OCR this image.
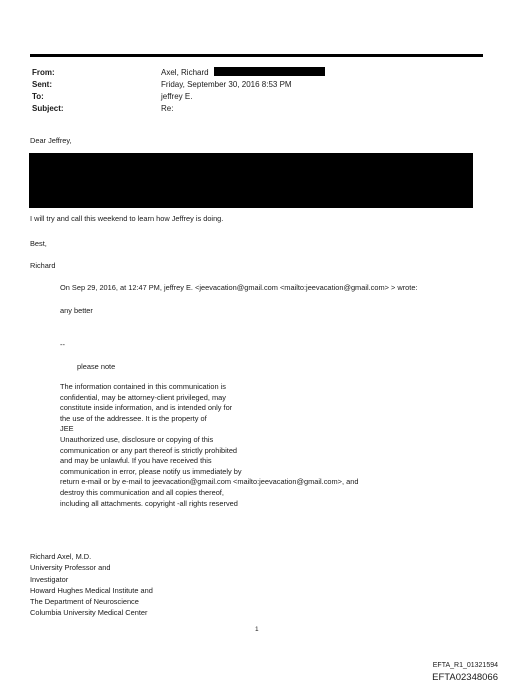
From:	Axel, Richard
Sent:	Friday, September 30, 2016 8:53 PM
To:	jeffrey E.
Subject:	Re:
Dear Jeffrey,
I will try and call this weekend to learn how Jeffrey is doing.
Best,
Richard
On Sep 29, 2016, at 12:47 PM, jeffrey E. <jeevacation@gmail.com <mailto:jeevacation@gmail.com> > wrote:
any better
--
please note
The information contained in this communication is
confidential, may be attorney-client privileged, may
constitute inside information, and is intended only for
the use of the addressee. It is the property of
JEE
Unauthorized use, disclosure or copying of this
communication or any part thereof is strictly prohibited
and may be unlawful. If you have received this
communication in error, please notify us immediately by
return e-mail or by e-mail to jeevacation@gmail.com <mailto:jeevacation@gmail.com>, and
destroy this communication and all copies thereof,
including all attachments. copyright -all rights reserved
Richard Axel, M.D.
University Professor and
Investigator
Howard Hughes Medical Institute and
The Department of Neuroscience
Columbia University Medical Center
1
EFTA_R1_01321594
EFTA02348066
